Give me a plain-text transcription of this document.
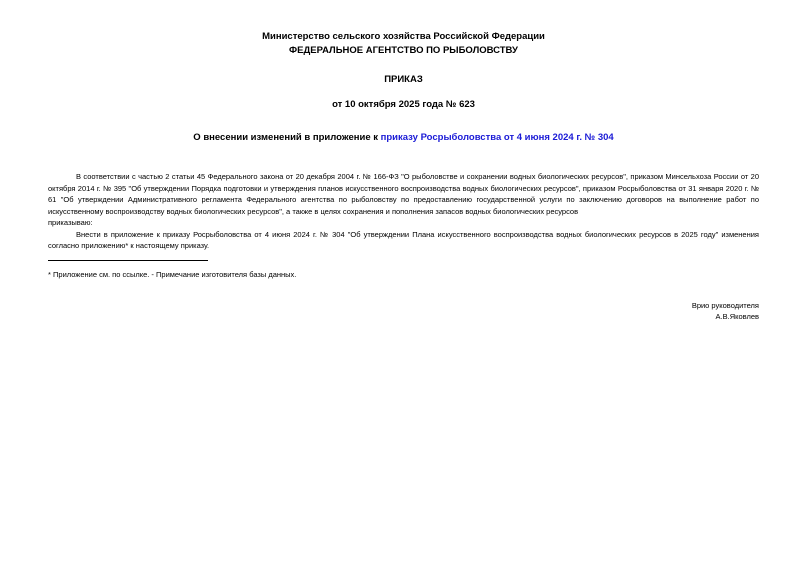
Министерство сельского хозяйства Российской Федерации
ФЕДЕРАЛЬНОЕ АГЕНТСТВО ПО РЫБОЛОВСТВУ
ПРИКАЗ
от 10 октября 2025 года № 623
О внесении изменений в приложение к приказу Росрыболовства от 4 июня 2024 г. № 304

В соответствии с частью 2 статьи 45 Федерального закона от 20 декабря 2004 г. № 166-ФЗ "О рыболовстве и сохранении водных биологических ресурсов", приказом Минсельхоза России от 20 октября 2014 г. № 395 "Об утверждении Порядка подготовки и утверждения планов искусственного воспроизводства водных биологических ресурсов", приказом Росрыболовства от 31 января 2020 г. № 61 "Об утверждении Административного регламента Федерального агентства по рыболовству по предоставлению государственной услуги по заключению договоров на выполнение работ по искусственному воспроизводству водных биологических ресурсов", а также в целях сохранения и пополнения запасов водных биологических ресурсов

приказываю:

Внести в приложение к приказу Росрыболовства от 4 июня 2024 г. № 304 "Об утверждении Плана искусственного воспроизводства водных биологических ресурсов в 2025 году" изменения согласно приложению* к настоящему приказу.

* Приложение см. по ссылке. - Примечание изготовителя базы данных.
Врио руководителя
А.В.Яковлев
